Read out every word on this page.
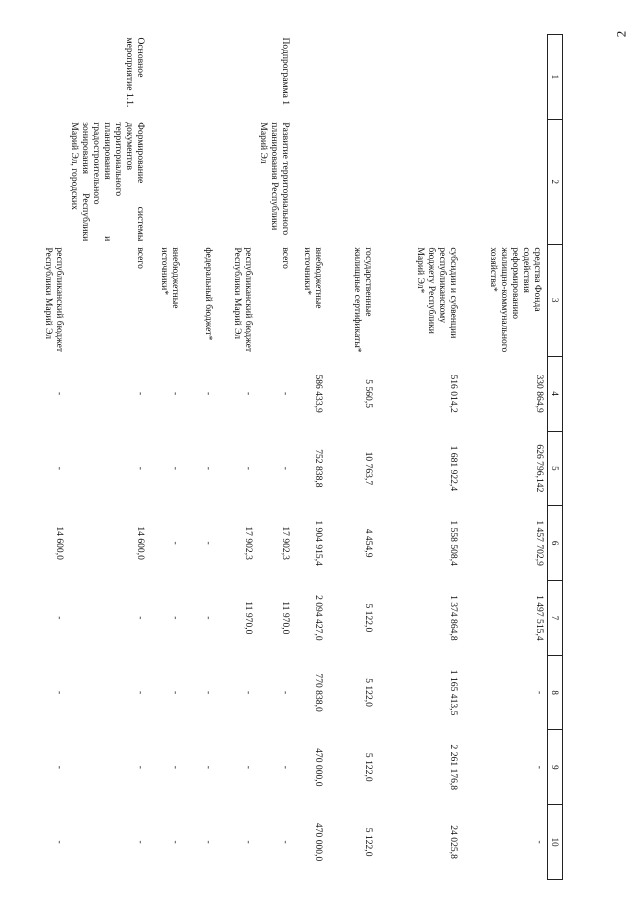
2
1	2	3	4	5	6	7	8	9	10
		средства Фонда содействия реформированию жилищно-коммунального хозяйства*	330 864,9	626 796,142	1 457 702,9	1 497 515,4	-	-	-
		субсидии и субвенции республиканскому бюджету Республики Марий Эл*	516 014,2	1 681 922,4	1 558 508,4	1 374 864,8	1 165 413,5	2 261 176,8	24 025,8
		государственные жилищные сертификаты*	5 560,5	10 763,7	4 454,9	5 122,0	5 122,0	5 122,0	5 122,0
		внебюджетные источники*	586 433,9	752 838,8	1 904 915,4	2 094 427,0	770 838,0	470 000,0	470 000,0
Подпрограмма 1	Развитие территориального планирования Республики Марий Эл	всего	-	-	17 902,3	11 970,0	-	-	-
		республиканский бюджет Республики Марий Эл	-	-	17 902,3	11 970,0	-	-	-
		федеральный бюджет*	-	-	-	-	-	-	-
		внебюджетные источники*	-	-	-	-	-	-	-
Основное мероприятие 1.1.	Формирование системы документов территориального планирования и градостроительного зонирования Республики Марий Эл, городских	всего	-	-	14 600,0	-	-	-	-
		республиканский бюджет Республики Марий Эл	-	-	14 600,0	-	-	-	-
